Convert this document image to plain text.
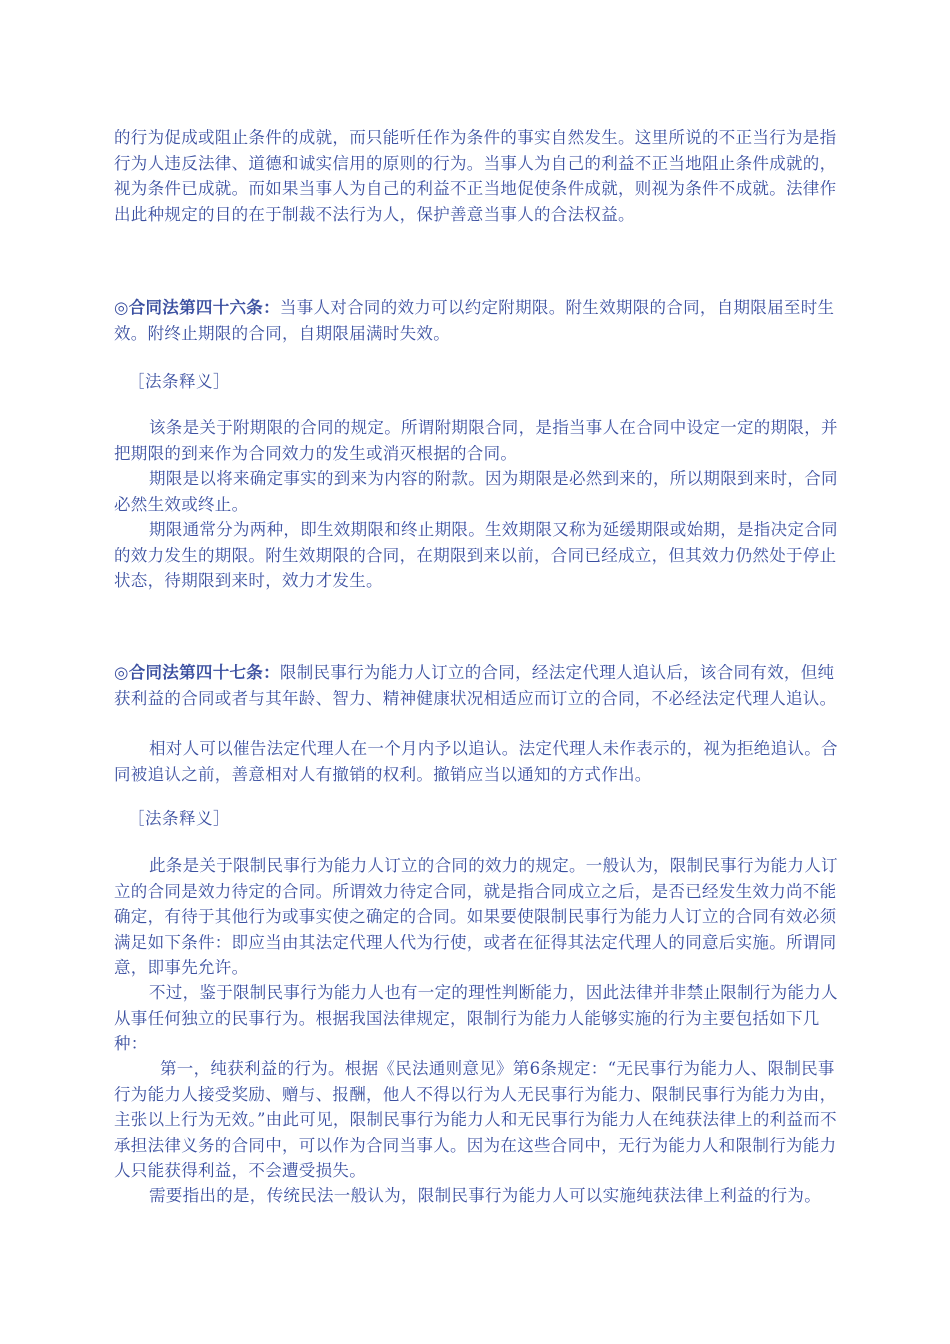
的行为促成或阻止条件的成就，而只能听任作为条件的事实自然发生。这里所说的不正当行为是指行为人违反法律、道德和诚实信用的原则的行为。当事人为自己的利益不正当地阻止条件成就的，视为条件已成就。而如果当事人为自己的利益不正当地促使条件成就，则视为条件不成就。法律作出此种规定的目的在于制裁不法行为人，保护善意当事人的合法权益。

◎合同法第四十六条：当事人对合同的效力可以约定附期限。附生效期限的合同，自期限届至时生效。附终止期限的合同，自期限届满时失效。

［法条释义］

该条是关于附期限的合同的规定。所谓附期限合同，是指当事人在合同中设定一定的期限，并把期限的到来作为合同效力的发生或消灭根据的合同。

期限是以将来确定事实的到来为内容的附款。因为期限是必然到来的，所以期限到来时，合同必然生效或终止。

期限通常分为两种，即生效期限和终止期限。生效期限又称为延缓期限或始期，是指决定合同的效力发生的期限。附生效期限的合同，在期限到来以前，合同已经成立，但其效力仍然处于停止状态，待期限到来时，效力才发生。

◎合同法第四十七条：限制民事行为能力人订立的合同，经法定代理人追认后，该合同有效，但纯获利益的合同或者与其年龄、智力、精神健康状况相适应而订立的合同，不必经法定代理人追认。

相对人可以催告法定代理人在一个月内予以追认。法定代理人未作表示的，视为拒绝追认。合同被追认之前，善意相对人有撤销的权利。撤销应当以通知的方式作出。

［法条释义］

此条是关于限制民事行为能力人订立的合同的效力的规定。一般认为，限制民事行为能力人订立的合同是效力待定的合同。所谓效力待定合同，就是指合同成立之后，是否已经发生效力尚不能确定，有待于其他行为或事实使之确定的合同。如果要使限制民事行为能力人订立的合同有效必须满足如下条件：即应当由其法定代理人代为行使，或者在征得其法定代理人的同意后实施。所谓同意，即事先允许。

不过，鉴于限制民事行为能力人也有一定的理性判断能力，因此法律并非禁止限制行为能力人从事任何独立的民事行为。根据我国法律规定，限制行为能力人能够实施的行为主要包括如下几种：

第一，纯获利益的行为。根据《民法通则意见》第6条规定：“无民事行为能力人、限制民事行为能力人接受奖励、赠与、报酬，他人不得以行为人无民事行为能力、限制民事行为能力为由，主张以上行为无效。”由此可见，限制民事行为能力人和无民事行为能力人在纯获法律上的利益而不承担法律义务的合同中，可以作为合同当事人。因为在这些合同中，无行为能力人和限制行为能力人只能获得利益，不会遭受损失。

需要指出的是，传统民法一般认为，限制民事行为能力人可以实施纯获法律上利益的行为。
